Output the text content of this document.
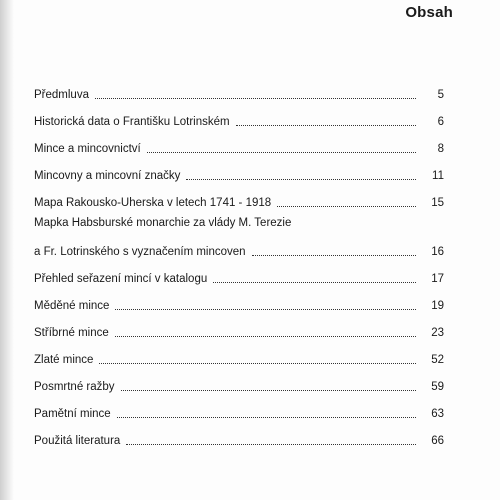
Obsah
Předmluva	5
Historická data o Františku Lotrinském	6
Mince a mincovnictví	8
Mincovny a mincovní značky	11
Mapa Rakousko-Uherska v letech 1741 - 1918	15
Mapka Habsburské monarchie za vlády M. Terezie
a Fr. Lotrinského s vyznačením mincoven	16
Přehled seřazení mincí v katalogu	17
Měděné mince	19
Stříbrné mince	23
Zlaté mince	52
Posmrtné ražby	59
Pamětní mince	63
Použitá literatura	66
